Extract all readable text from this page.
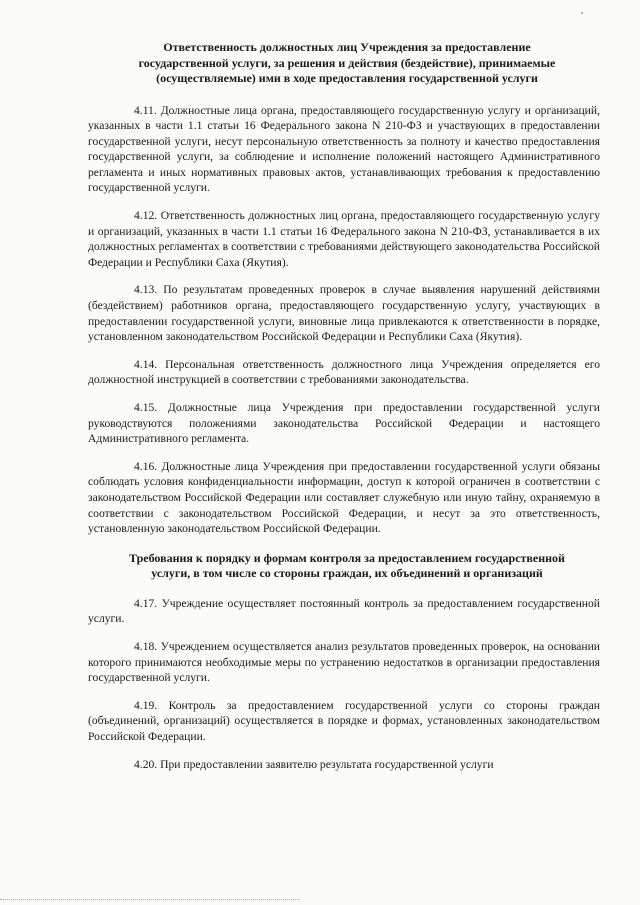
Ответственность должностных лиц Учреждения за предоставление государственной услуги, за решения и действия (бездействие), принимаемые (осуществляемые) ими в ходе предоставления государственной услуги

4.11. Должностные лица органа, предоставляющего государственную услугу и организаций, указанных в части 1.1 статьи 16 Федерального закона N 210-ФЗ и участвующих в предоставлении государственной услуги, несут персональную ответственность за полноту и качество предоставления государственной услуги, за соблюдение и исполнение положений настоящего Административного регламента и иных нормативных правовых актов, устанавливающих требования к предоставлению государственной услуги.

4.12. Ответственность должностных лиц органа, предоставляющего государственную услугу и организаций, указанных в части 1.1 статьи 16 Федерального закона N 210-ФЗ, устанавливается в их должностных регламентах в соответствии с требованиями действующего законодательства Российской Федерации и Республики Саха (Якутия).

4.13. По результатам проведенных проверок в случае выявления нарушений действиями (бездействием) работников органа, предоставляющего государственную услугу, участвующих в предоставлении государственной услуги, виновные лица привлекаются к ответственности в порядке, установленном законодательством Российской Федерации и Республики Саха (Якутия).

4.14. Персональная ответственность должностного лица Учреждения определяется его должностной инструкцией в соответствии с требованиями законодательства.

4.15. Должностные лица Учреждения при предоставлении государственной услуги руководствуются положениями законодательства Российской Федерации и настоящего Административного регламента.

4.16. Должностные лица Учреждения при предоставлении государственной услуги обязаны соблюдать условия конфиденциальности информации, доступ к которой ограничен в соответствии с законодательством Российской Федерации или составляет служебную или иную тайну, охраняемую в соответствии с законодательством Российской Федерации, и несут за это ответственность, установленную законодательством Российской Федерации.

Требования к порядку и формам контроля за предоставлением государственной услуги, в том числе со стороны граждан, их объединений и организаций

4.17. Учреждение осуществляет постоянный контроль за предоставлением государственной услуги.

4.18. Учреждением осуществляется анализ результатов проведенных проверок, на основании которого принимаются необходимые меры по устранению недостатков в организации предоставления государственной услуги.

4.19. Контроль за предоставлением государственной услуги со стороны граждан (объединений, организаций) осуществляется в порядке и формах, установленных законодательством Российской Федерации.

4.20. При предоставлении заявителю результата государственной услуги
